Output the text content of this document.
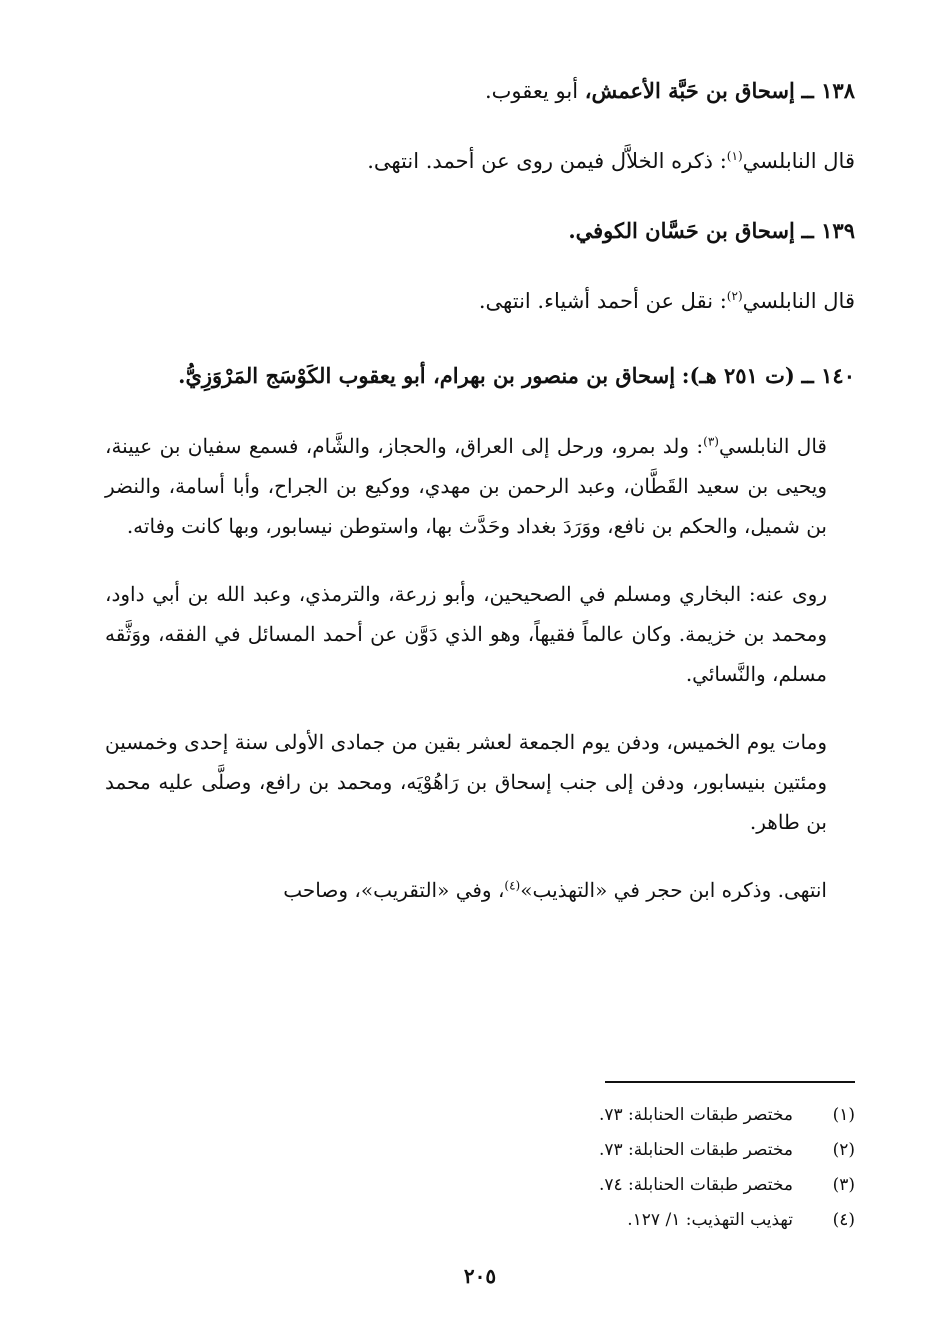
١٣٨ ــ إسحاق بن حَبَّة الأعمش، أبو يعقوب.
قال النابلسي$^{(١)}$: ذكره الخلاَّل فيمن روى عن أحمد. انتهى.
١٣٩ ــ إسحاق بن حَسَّان الكوفي.
قال النابلسي$^{(٢)}$: نقل عن أحمد أشياء. انتهى.
١٤٠ ــ (ت ٢٥١ هـ): إسحاق بن منصور بن بهرام، أبو يعقوب الكَوْسَج المَرْوَزِيُّ.
قال النابلسي$^{(٣)}$: ولد بمرو، ورحل إلى العراق، والحجاز، والشَّام، فسمع سفيان بن عيينة، ويحيى بن سعيد القَطَّان، وعبد الرحمن بن مهدي، ووكيع بن الجراح، وأبا أسامة، والنضر بن شميل، والحكم بن نافع، ووَرَدَ بغداد وحَدَّث بها، واستوطن نيسابور، وبها كانت وفاته.
روى عنه: البخاري ومسلم في الصحيحين، وأبو زرعة، والترمذي، وعبد الله بن أبي داود، ومحمد بن خزيمة. وكان عالماً فقيهاً، وهو الذي دَوَّن عن أحمد المسائل في الفقه، ووَثَّقه مسلم، والنَّسائي.
ومات يوم الخميس، ودفن يوم الجمعة لعشر بقين من جمادى الأولى سنة إحدى وخمسين ومئتين بنيسابور، ودفن إلى جنب إسحاق بن رَاهُوْيَه، ومحمد بن رافع، وصلَّى عليه محمد بن طاهر.
انتهى. وذكره ابن حجر في «التهذيب»$^{(٤)}$، وفي «التقريب»، وصاحب
(١)
مختصر طبقات الحنابلة: ٧٣.
(٢)
مختصر طبقات الحنابلة: ٧٣.
(٣)
مختصر طبقات الحنابلة: ٧٤.
(٤)
تهذيب التهذيب: ١/ ١٢٧.
٢٠٥
